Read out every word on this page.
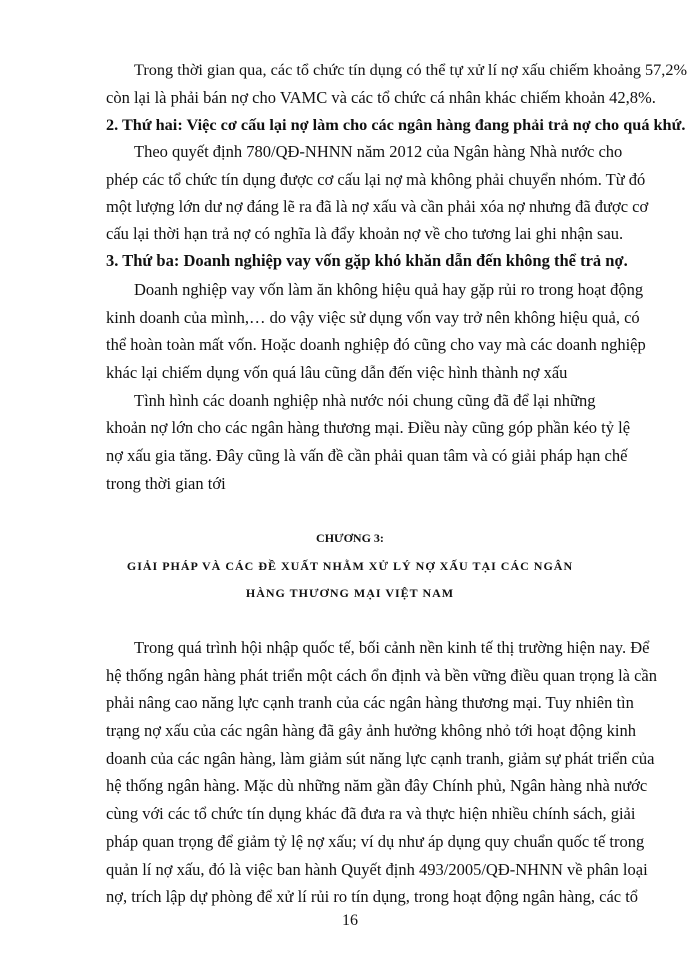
Trong thời gian qua, các tổ chức tín dụng có thể tự xử lí nợ xấu chiếm khoảng 57,2%
còn lại là phải bán nợ cho VAMC và các tổ chức cá nhân khác chiếm khoản 42,8%.
2. Thứ hai: Việc cơ cấu lại nợ làm cho các ngân hàng đang phải trả nợ cho quá khứ.
Theo quyết định 780/QĐ-NHNN năm 2012 của Ngân hàng Nhà nước cho
phép các tổ chức tín dụng được cơ cấu lại nợ mà không phải chuyển nhóm. Từ đó
một lượng lớn dư nợ đáng lẽ ra đã là nợ xấu và cần phải xóa nợ nhưng đã được cơ
cấu lại thời hạn trả nợ có nghĩa là đẩy khoản nợ về cho tương lai ghi nhận sau.
3. Thứ ba: Doanh nghiệp vay vốn gặp khó khăn dẫn đến không thể trả nợ.
Doanh nghiệp vay vốn làm ăn không hiệu quả hay gặp rủi ro trong hoạt động
kinh doanh của mình,… do vậy việc sử dụng vốn vay trở nên không hiệu quả, có
thể hoàn toàn mất vốn. Hoặc doanh nghiệp đó cũng cho vay mà các doanh nghiệp
khác lại chiếm dụng vốn quá lâu cũng dẫn đến việc hình thành nợ xấu
Tình hình các doanh nghiệp nhà nước nói chung cũng đã để lại những
khoản nợ lớn cho các ngân hàng thương mại. Điều này cũng góp phần kéo tỷ lệ
nợ xấu gia tăng. Đây cũng là vấn đề cần phải quan tâm và có giải pháp hạn chế
trong thời gian tới
CHƯƠNG 3:
GIẢI PHÁP VÀ CÁC ĐỀ XUẤT NHẰM XỬ LÝ NỢ XẤU TẠI CÁC NGÂN
HÀNG THƯƠNG MẠI VIỆT NAM
Trong quá trình hội nhập quốc tế, bối cảnh nền kinh tế thị trường hiện nay. Để
hệ thống ngân hàng phát triển một cách ổn định và bền vững điều quan trọng là cần
phải nâng cao năng lực cạnh tranh của các ngân hàng thương mại. Tuy nhiên tìn
trạng nợ xấu của các ngân hàng đã gây ảnh hưởng không nhỏ tới hoạt động kinh
doanh của các ngân hàng, làm giảm sút năng lực cạnh tranh, giảm sự phát triển của
hệ thống ngân hàng. Mặc dù những năm gần đây Chính phủ, Ngân hàng nhà nước
cùng với các tổ chức tín dụng khác đã đưa ra và thực hiện nhiều chính sách, giải
pháp quan trọng để giảm tỷ lệ nợ xấu; ví dụ như áp dụng quy chuẩn quốc tế trong
quản lí nợ xấu, đó là việc ban hành Quyết định 493/2005/QĐ-NHNN về phân loại
nợ, trích lập dự phòng để xử lí rủi ro tín dụng, trong hoạt động ngân hàng, các tổ
16
